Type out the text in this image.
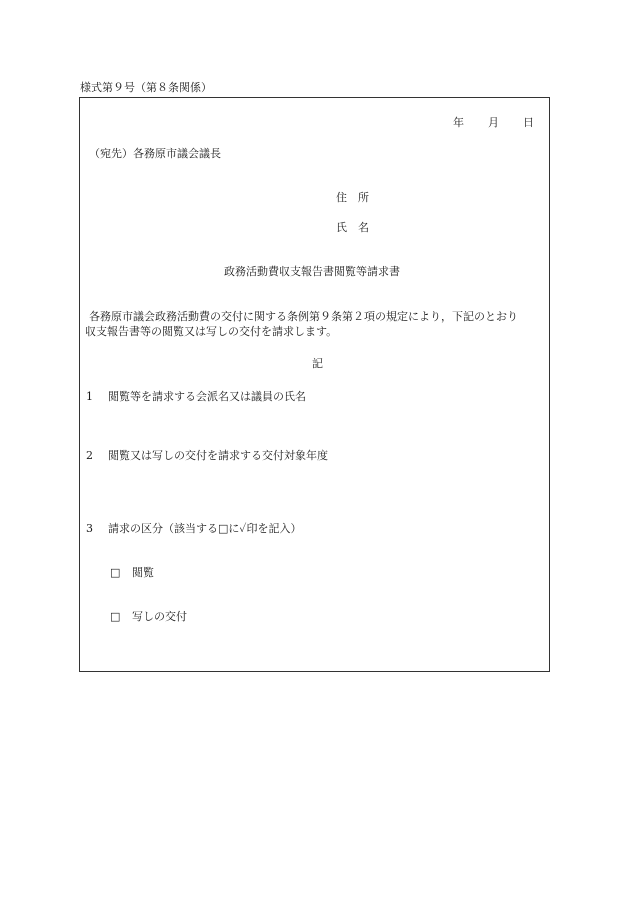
様式第９号（第８条関係）
年 月 日
（宛先）各務原市議会議長
住　所
氏　名
政務活動費収支報告書閲覧等請求書
各務原市議会政務活動費の交付に関する条例第９条第２項の規定により，下記のとおり
収支報告書等の閲覧又は写しの交付を請求します。
記
1 閲覧等を請求する会派名又は議員の氏名
2 閲覧又は写しの交付を請求する交付対象年度
3 請求の区分（該当する□に✓印を記入）
□ 閲覧
□ 写しの交付
